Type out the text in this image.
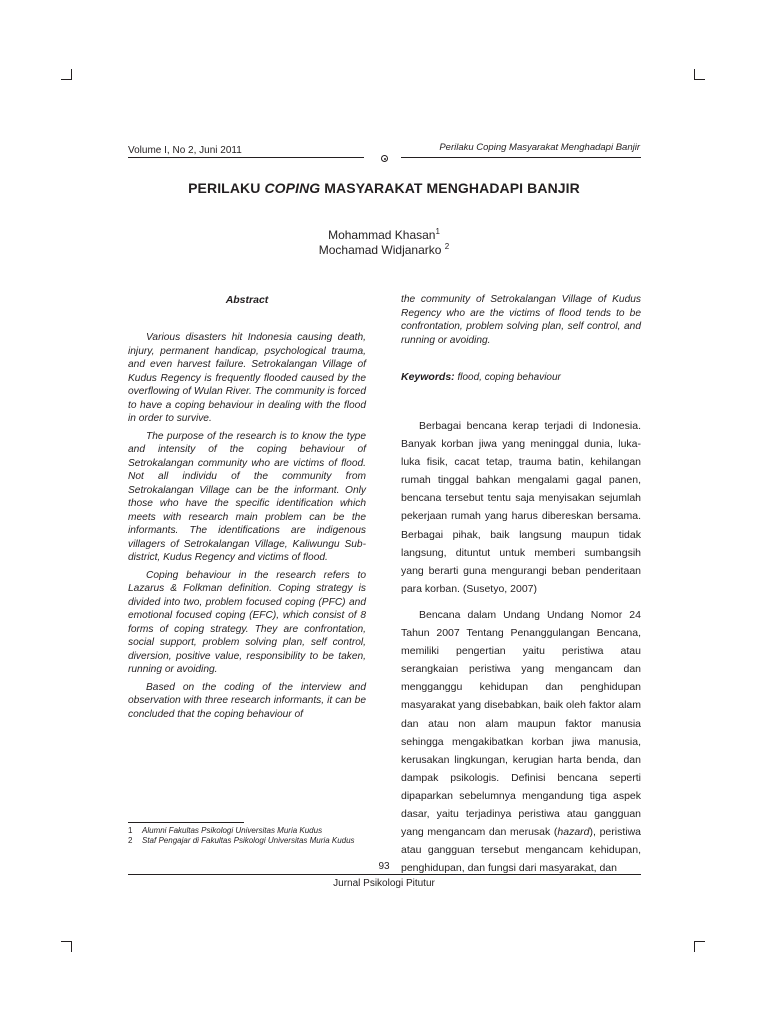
Volume I, No 2, Juni 2011	Perilaku Coping Masyarakat Menghadapi Banjir
PERILAKU COPING MASYARAKAT MENGHADAPI BANJIR
Mohammad Khasan$^1$
Mochamad Widjanarko $^2$
Abstract

Various disasters hit Indonesia causing death, injury, permanent handicap, psychological trauma, and even harvest failure. Setrokalangan Village of Kudus Regency is frequently flooded caused by the overflowing of Wulan River. The community is forced to have a coping behaviour in dealing with the flood in order to survive.

The purpose of the research is to know the type and intensity of the coping behaviour of Setrokalangan community who are victims of flood. Not all individu of the community from Setrokalangan Village can be the informant. Only those who have the specific identification which meets with research main problem can be the informants. The identifications are indigenous villagers of Setrokalangan Village, Kaliwungu Sub-district, Kudus Regency and victims of flood.

Coping behaviour in the research refers to Lazarus & Folkman definition. Coping strategy is divided into two, problem focused coping (PFC) and emotional focused coping (EFC), which consist of 8 forms of coping strategy. They are confrontation, social support, problem solving plan, self control, diversion, positive value, responsibility to be taken, running or avoiding.

Based on the coding of the interview and observation with three research informants, it can be concluded that the coping behaviour of

1	Alumni Fakultas Psikologi Universitas Muria Kudus
2	Staf Pengajar di Fakultas Psikologi Universitas Muria Kudus
the community of Setrokalangan Village of Kudus Regency who are the victims of flood tends to be confrontation, problem solving plan, self control, and running or avoiding.
Keywords: flood, coping behaviour

Berbagai bencana kerap terjadi di Indonesia. Banyak korban jiwa yang meninggal dunia, luka-luka fisik, cacat tetap, trauma batin, kehilangan rumah tinggal bahkan mengalami gagal panen, bencana tersebut tentu saja menyisakan sejumlah pekerjaan rumah yang harus dibereskan bersama. Berbagai pihak, baik langsung maupun tidak langsung, dituntut untuk memberi sumbangsih yang berarti guna mengurangi beban penderitaan para korban. (Susetyo, 2007)

Bencana dalam Undang Undang Nomor 24 Tahun 2007 Tentang Penanggulangan Bencana, memiliki pengertian yaitu peristiwa atau serangkaian peristiwa yang mengancam dan mengganggu kehidupan dan penghidupan masyarakat yang disebabkan, baik oleh faktor alam dan atau non alam maupun faktor manusia sehingga mengakibatkan korban jiwa manusia, kerusakan lingkungan, kerugian harta benda, dan dampak psikologis. Definisi bencana seperti dipaparkan sebelumnya mengandung tiga aspek dasar, yaitu terjadinya peristiwa atau gangguan yang mengancam dan merusak (hazard), peristiwa atau gangguan tersebut mengancam kehidupan, penghidupan, dan fungsi dari masyarakat, dan

93
Jurnal Psikologi Pitutur
